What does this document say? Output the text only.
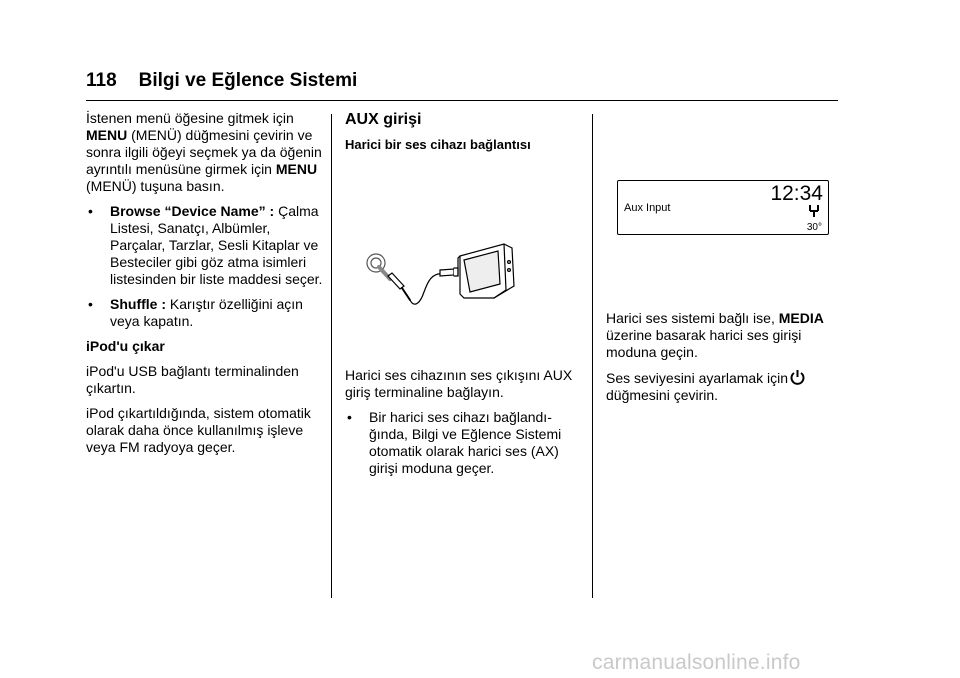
118 Bilgi ve Eğlence Sistemi

İstenen menü öğesine gitmek için
MENU (MENÜ) düğmesini çevirin ve sonra ilgili öğeyi seçmek ya da öğenin ayrıntılı menüsüne girmek için MENU (MENÜ) tuşuna basın.

• Browse “Device Name” : Çalma Listesi, Sanatçı, Albümler, Parçalar, Tarzlar, Sesli Kitaplar ve Besteciler gibi göz atma isimleri listesinden bir liste maddesi seçer.
• Shuffle : Karıştır özelliğini açın veya kapatın.

iPod'u çıkar

iPod'u USB bağlantı terminalinden çıkartın.

iPod çıkartıldığında, sistem otomatik olarak daha önce kullanılmış işleve veya FM radyoya geçer.

AUX girişi

Harici bir ses cihazı bağlantısı

12:34
Aux Input
30°

Harici ses cihazının ses çıkışını AUX giriş terminaline bağlayın.

• Bir harici ses cihazı bağlandı-ğında, Bilgi ve Eğlence Sistemi otomatik olarak harici ses (AX) girişi moduna geçer.

Harici ses sistemi bağlı ise, MEDIA üzerine basarak harici ses girişi moduna geçin.

Ses seviyesini ayarlamak için
düğmesini çevirin.

carmanualsonline.info
